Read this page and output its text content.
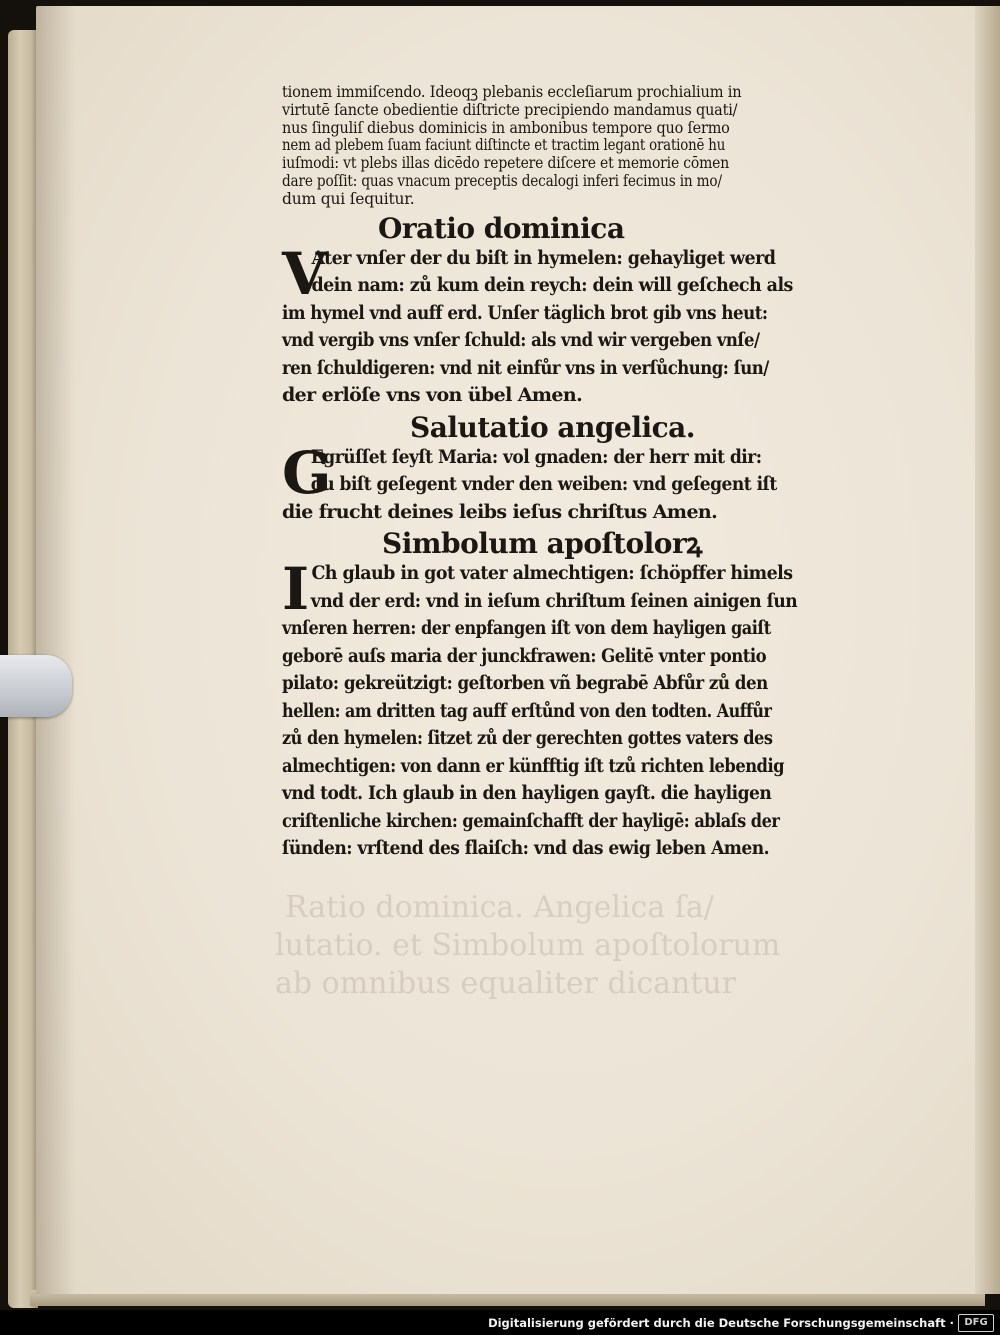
tionem immiſcendo. Ideoqꝫ plebanis eccleſiarum prochialium in
virtutē ſancte obedientie diſtricte precipiendo mandamus quati/
nus ſinguliſ diebus dominicis in ambonibus tempore quo ſermo
nem ad plebem ſuam faciunt diſtincte et tractim legant orationē hu
iuſmodi: vt plebs illas dicēdo repetere diſcere et memorie cōmen
dare poſſit: quas vnacum preceptis decalogi inferi fecimus in mo/
dum qui ſequitur.
Oratio dominica
V
Ater vnſer der du biſt in hymelen: gehayliget werd
dein nam: zů kum dein reych: dein will geſchech als
im hymel vnd auff erd. Unſer täglich brot gib vns heut:
vnd vergib vns vnſer ſchuld: als vnd wir vergeben vnſe/
ren ſchuldigeren: vnd nit einfůr vns in verſůchung: ſun/
der erlöſe vns von übel Amen.
Salutatio angelica.
G
Egrüſſet ſeyſt Maria: vol gnaden: der herr mit dir:
du biſt geſegent vnder den weiben: vnd geſegent iſt
die frucht deines leibs ieſus chriſtus Amen.
Simbolum apoſtolorꝝ
I Ch glaub in got vater almechtigen: ſchöpffer himels
vnd der erd: vnd in ieſum chriſtum ſeinen ainigen ſun
vnſeren herren: der enpfangen iſt von dem hayligen gaiſt
geborē auſs maria der junckfrawen: Gelitē vnter pontio
pilato: gekreützigt: geſtorben vñ begrabē Abfůr zů den
hellen: am dritten tag auff erſtůnd von den todten. Auffůr
zů den hymelen: ſitzet zů der gerechten gottes vaters des
almechtigen: von dann er künfftig iſt tzů richten lebendig
vnd todt. Ich glaub in den hayligen gayſt. die hayligen
criſtenliche kirchen: gemainſchafft der hayligē: ablaſs der
ſünden: vrſtend des flaiſch: vnd das ewig leben Amen.
Digitalisierung gefördert durch die Deutsche Forschungsgemeinschaft ·	DFG
